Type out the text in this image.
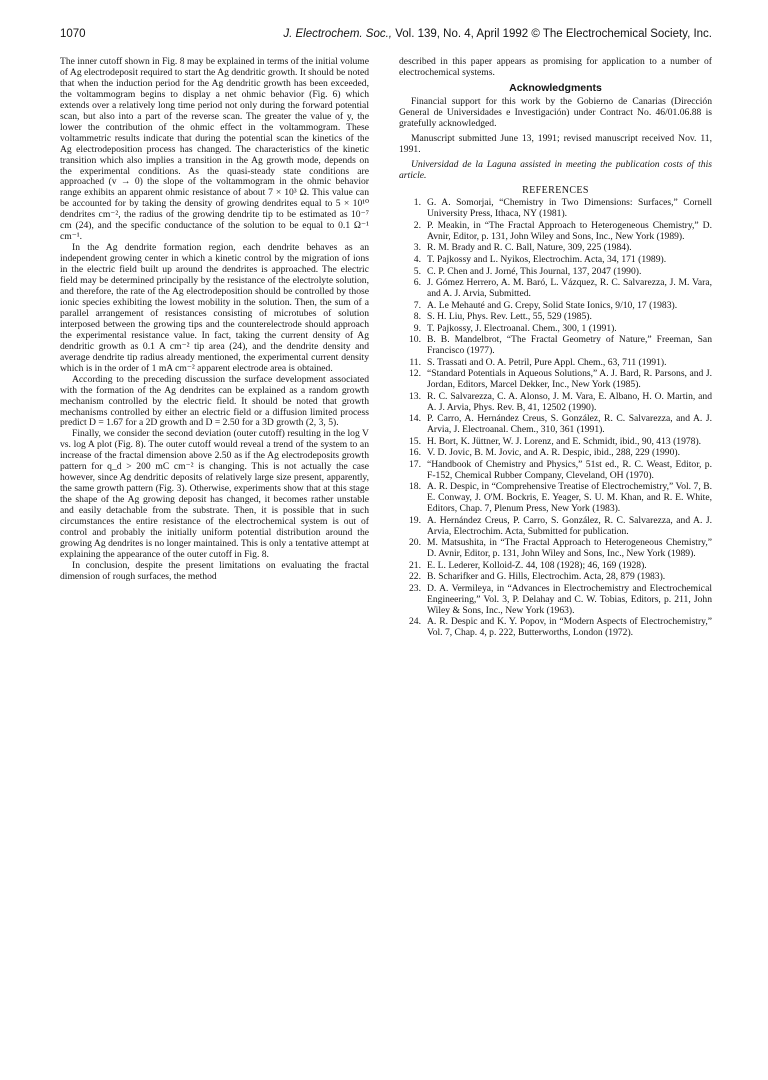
1070	J. Electrochem. Soc., Vol. 139, No. 4, April 1992 © The Electrochemical Society, Inc.

The inner cutoff shown in Fig. 8 may be explained in terms of the initial volume of Ag electrodeposit required to start the Ag dendritic growth. It should be noted that when the induction period for the Ag dendritic growth has been exceeded, the voltammogram begins to display a net ohmic behavior (Fig. 6) which extends over a relatively long time period not only during the forward potential scan, but also into a part of the reverse scan. The greater the value of y, the lower the contribution of the ohmic effect in the voltammogram. These voltammetric results indicate that during the potential scan the kinetics of the Ag electrodeposition process has changed. The characteristics of the kinetic transition which also implies a transition in the Ag growth mode, depends on the experimental conditions. As the quasi-steady state conditions are approached (v → 0) the slope of the voltammogram in the ohmic behavior range exhibits an apparent ohmic resistance of about 7 × 10³ Ω. This value can be accounted for by taking the density of growing dendrites equal to 5 × 10¹⁰ dendrites cm⁻², the radius of the growing dendrite tip to be estimated as 10⁻⁷ cm (24), and the specific conductance of the solution to be equal to 0.1 Ω⁻¹ cm⁻¹.

In the Ag dendrite formation region, each dendrite behaves as an independent growing center in which a kinetic control by the migration of ions in the electric field built up around the dendrites is approached. The electric field may be determined principally by the resistance of the electrolyte solution, and therefore, the rate of the Ag electrodeposition should be controlled by those ionic species exhibiting the lowest mobility in the solution. Then, the sum of a parallel arrangement of resistances consisting of microtubes of solution interposed between the growing tips and the counterelectrode should approach the experimental resistance value. In fact, taking the current density of Ag dendritic growth as 0.1 A cm⁻² tip area (24), and the dendrite density and average dendrite tip radius already mentioned, the experimental current density which is in the order of 1 mA cm⁻² apparent electrode area is obtained.

According to the preceding discussion the surface development associated with the formation of the Ag dendrites can be explained as a random growth mechanism controlled by the electric field. It should be noted that growth mechanisms controlled by either an electric field or a diffusion limited process predict D = 1.67 for a 2D growth and D = 2.50 for a 3D growth (2, 3, 5).

Finally, we consider the second deviation (outer cutoff) resulting in the log V vs. log A plot (Fig. 8). The outer cutoff would reveal a trend of the system to an increase of the fractal dimension above 2.50 as if the Ag electrodeposits growth pattern for q_d > 200 mC cm⁻² is changing. This is not actually the case however, since Ag dendritic deposits of relatively large size present, apparently, the same growth pattern (Fig. 3). Otherwise, experiments show that at this stage the shape of the Ag growing deposit has changed, it becomes rather unstable and easily detachable from the substrate. Then, it is possible that in such circumstances the entire resistance of the electrochemical system is out of control and probably the initially uniform potential distribution around the growing Ag dendrites is no longer maintained. This is only a tentative attempt at explaining the appearance of the outer cutoff in Fig. 8.

In conclusion, despite the present limitations on evaluating the fractal dimension of rough surfaces, the method

described in this paper appears as promising for application to a number of electrochemical systems.

Acknowledgments

Financial support for this work by the Gobierno de Canarias (Dirección General de Universidades e Investigación) under Contract No. 46/01.06.88 is gratefully acknowledged.

Manuscript submitted June 13, 1991; revised manuscript received Nov. 11, 1991.

Universidad de la Laguna assisted in meeting the publication costs of this article.

REFERENCES
1. G. A. Somorjai, “Chemistry in Two Dimensions: Surfaces,” Cornell University Press, Ithaca, NY (1981).
2. P. Meakin, in “The Fractal Approach to Heterogeneous Chemistry,” D. Avnir, Editor, p. 131, John Wiley and Sons, Inc., New York (1989).
3. R. M. Brady and R. C. Ball, Nature, 309, 225 (1984).
4. T. Pajkossy and L. Nyikos, Electrochim. Acta, 34, 171 (1989).
5. C. P. Chen and J. Jorné, This Journal, 137, 2047 (1990).
6. J. Gómez Herrero, A. M. Baró, L. Vázquez, R. C. Salvarezza, J. M. Vara, and A. J. Arvia, Submitted.
7. A. Le Mehauté and G. Crepy, Solid State Ionics, 9/10, 17 (1983).
8. S. H. Liu, Phys. Rev. Lett., 55, 529 (1985).
9. T. Pajkossy, J. Electroanal. Chem., 300, 1 (1991).
10. B. B. Mandelbrot, “The Fractal Geometry of Nature,” Freeman, San Francisco (1977).
11. S. Trassati and O. A. Petril, Pure Appl. Chem., 63, 711 (1991).
12. “Standard Potentials in Aqueous Solutions,” A. J. Bard, R. Parsons, and J. Jordan, Editors, Marcel Dekker, Inc., New York (1985).
13. R. C. Salvarezza, C. A. Alonso, J. M. Vara, E. Albano, H. O. Martin, and A. J. Arvia, Phys. Rev. B, 41, 12502 (1990).
14. P. Carro, A. Hernández Creus, S. González, R. C. Salvarezza, and A. J. Arvia, J. Electroanal. Chem., 310, 361 (1991).
15. H. Bort, K. Jüttner, W. J. Lorenz, and E. Schmidt, ibid., 90, 413 (1978).
16. V. D. Jovic, B. M. Jovic, and A. R. Despic, ibid., 288, 229 (1990).
17. “Handbook of Chemistry and Physics,” 51st ed., R. C. Weast, Editor, p. F-152, Chemical Rubber Company, Cleveland, OH (1970).
18. A. R. Despic, in “Comprehensive Treatise of Electrochemistry,” Vol. 7, B. E. Conway, J. O'M. Bockris, E. Yeager, S. U. M. Khan, and R. E. White, Editors, Chap. 7, Plenum Press, New York (1983).
19. A. Hernández Creus, P. Carro, S. González, R. C. Salvarezza, and A. J. Arvia, Electrochim. Acta, Submitted for publication.
20. M. Matsushita, in “The Fractal Approach to Heterogeneous Chemistry,” D. Avnir, Editor, p. 131, John Wiley and Sons, Inc., New York (1989).
21. E. L. Lederer, Kolloid-Z. 44, 108 (1928); 46, 169 (1928).
22. B. Scharifker and G. Hills, Electrochim. Acta, 28, 879 (1983).
23. D. A. Vermileya, in “Advances in Electrochemistry and Electrochemical Engineering,” Vol. 3, P. Delahay and C. W. Tobias, Editors, p. 211, John Wiley & Sons, Inc., New York (1963).
24. A. R. Despic and K. Y. Popov, in “Modern Aspects of Electrochemistry,” Vol. 7, Chap. 4, p. 222, Butterworths, London (1972).
